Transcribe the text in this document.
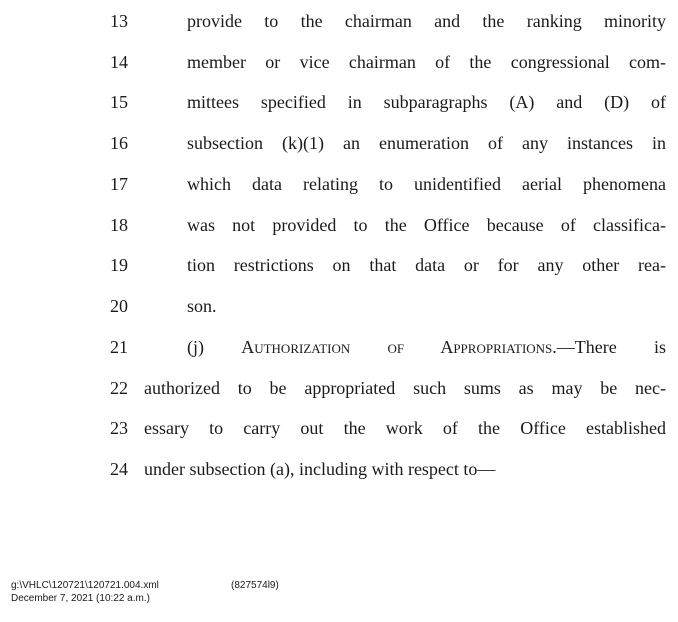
13	provide to the chairman and the ranking minority
14	member or vice chairman of the congressional com-
15	mittees specified in subparagraphs (A) and (D) of
16	subsection (k)(1) an enumeration of any instances in
17	which data relating to unidentified aerial phenomena
18	was not provided to the Office because of classifica-
19	tion restrictions on that data or for any other rea-
20	son.
21	(j) Authorization of Appropriations.—There is
22 authorized to be appropriated such sums as may be nec-
23 essary to carry out the work of the Office established
24 under subsection (a), including with respect to—
g:\VHLC\120721\120721.004.xml	(827574l9)
December 7, 2021 (10:22 a.m.)
